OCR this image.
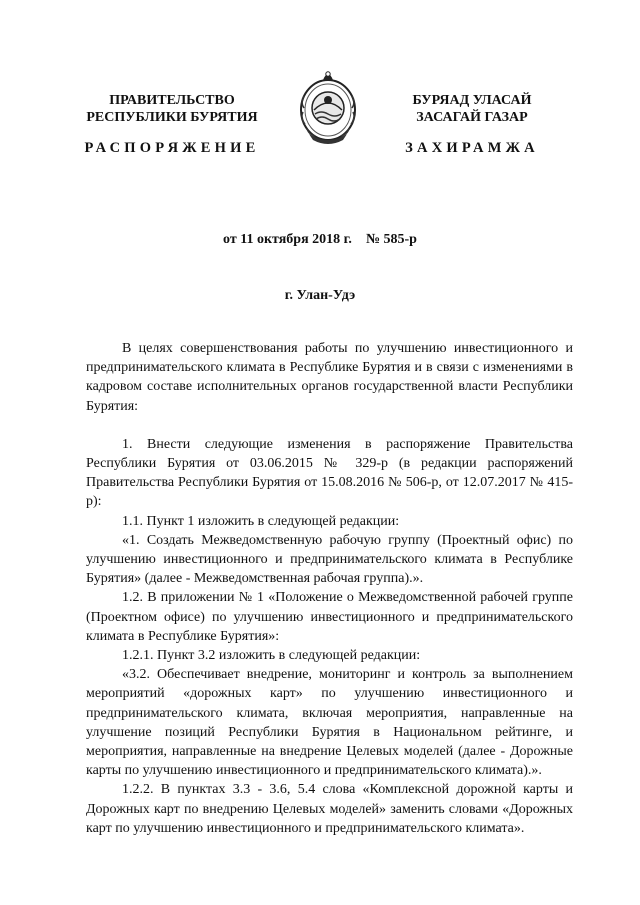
ПРАВИТЕЛЬСТВО
РЕСПУБЛИКИ БУРЯТИЯ
БУРЯАД УЛАСАЙ
ЗАСАГАЙ ГАЗАР
РАСПОРЯЖЕНИЕ	ЗАХИРАМЖА
от 11 октября 2018 г. № 585-р
г. Улан-Удэ

В целях совершенствования работы по улучшению инвестиционного и предпринимательского климата в Республике Бурятия и в связи с изменениями в кадровом составе исполнительных органов государственной власти Республики Бурятия:

1. Внести следующие изменения в распоряжение Правительства Республики Бурятия от 03.06.2015 № 329-р (в редакции распоряжений Правительства Республики Бурятия от 15.08.2016 № 506-р, от 12.07.2017 № 415-р):

1.1. Пункт 1 изложить в следующей редакции:

«1. Создать Межведомственную рабочую группу (Проектный офис) по улучшению инвестиционного и предпринимательского климата в Республике Бурятия» (далее - Межведомственная рабочая группа).».

1.2. В приложении № 1 «Положение о Межведомственной рабочей группе (Проектном офисе) по улучшению инвестиционного и предпринимательского климата в Республике Бурятия»:

1.2.1. Пункт 3.2 изложить в следующей редакции:

«3.2. Обеспечивает внедрение, мониторинг и контроль за выполнением мероприятий «дорожных карт» по улучшению инвестиционного и предпринимательского климата, включая мероприятия, направленные на улучшение позиций Республики Бурятия в Национальном рейтинге, и мероприятия, направленные на внедрение Целевых моделей (далее - Дорожные карты по улучшению инвестиционного и предпринимательского климата).».

1.2.2. В пунктах 3.3 - 3.6, 5.4 слова «Комплексной дорожной карты и Дорожных карт по внедрению Целевых моделей» заменить словами «Дорожных карт по улучшению инвестиционного и предпринимательского климата».
